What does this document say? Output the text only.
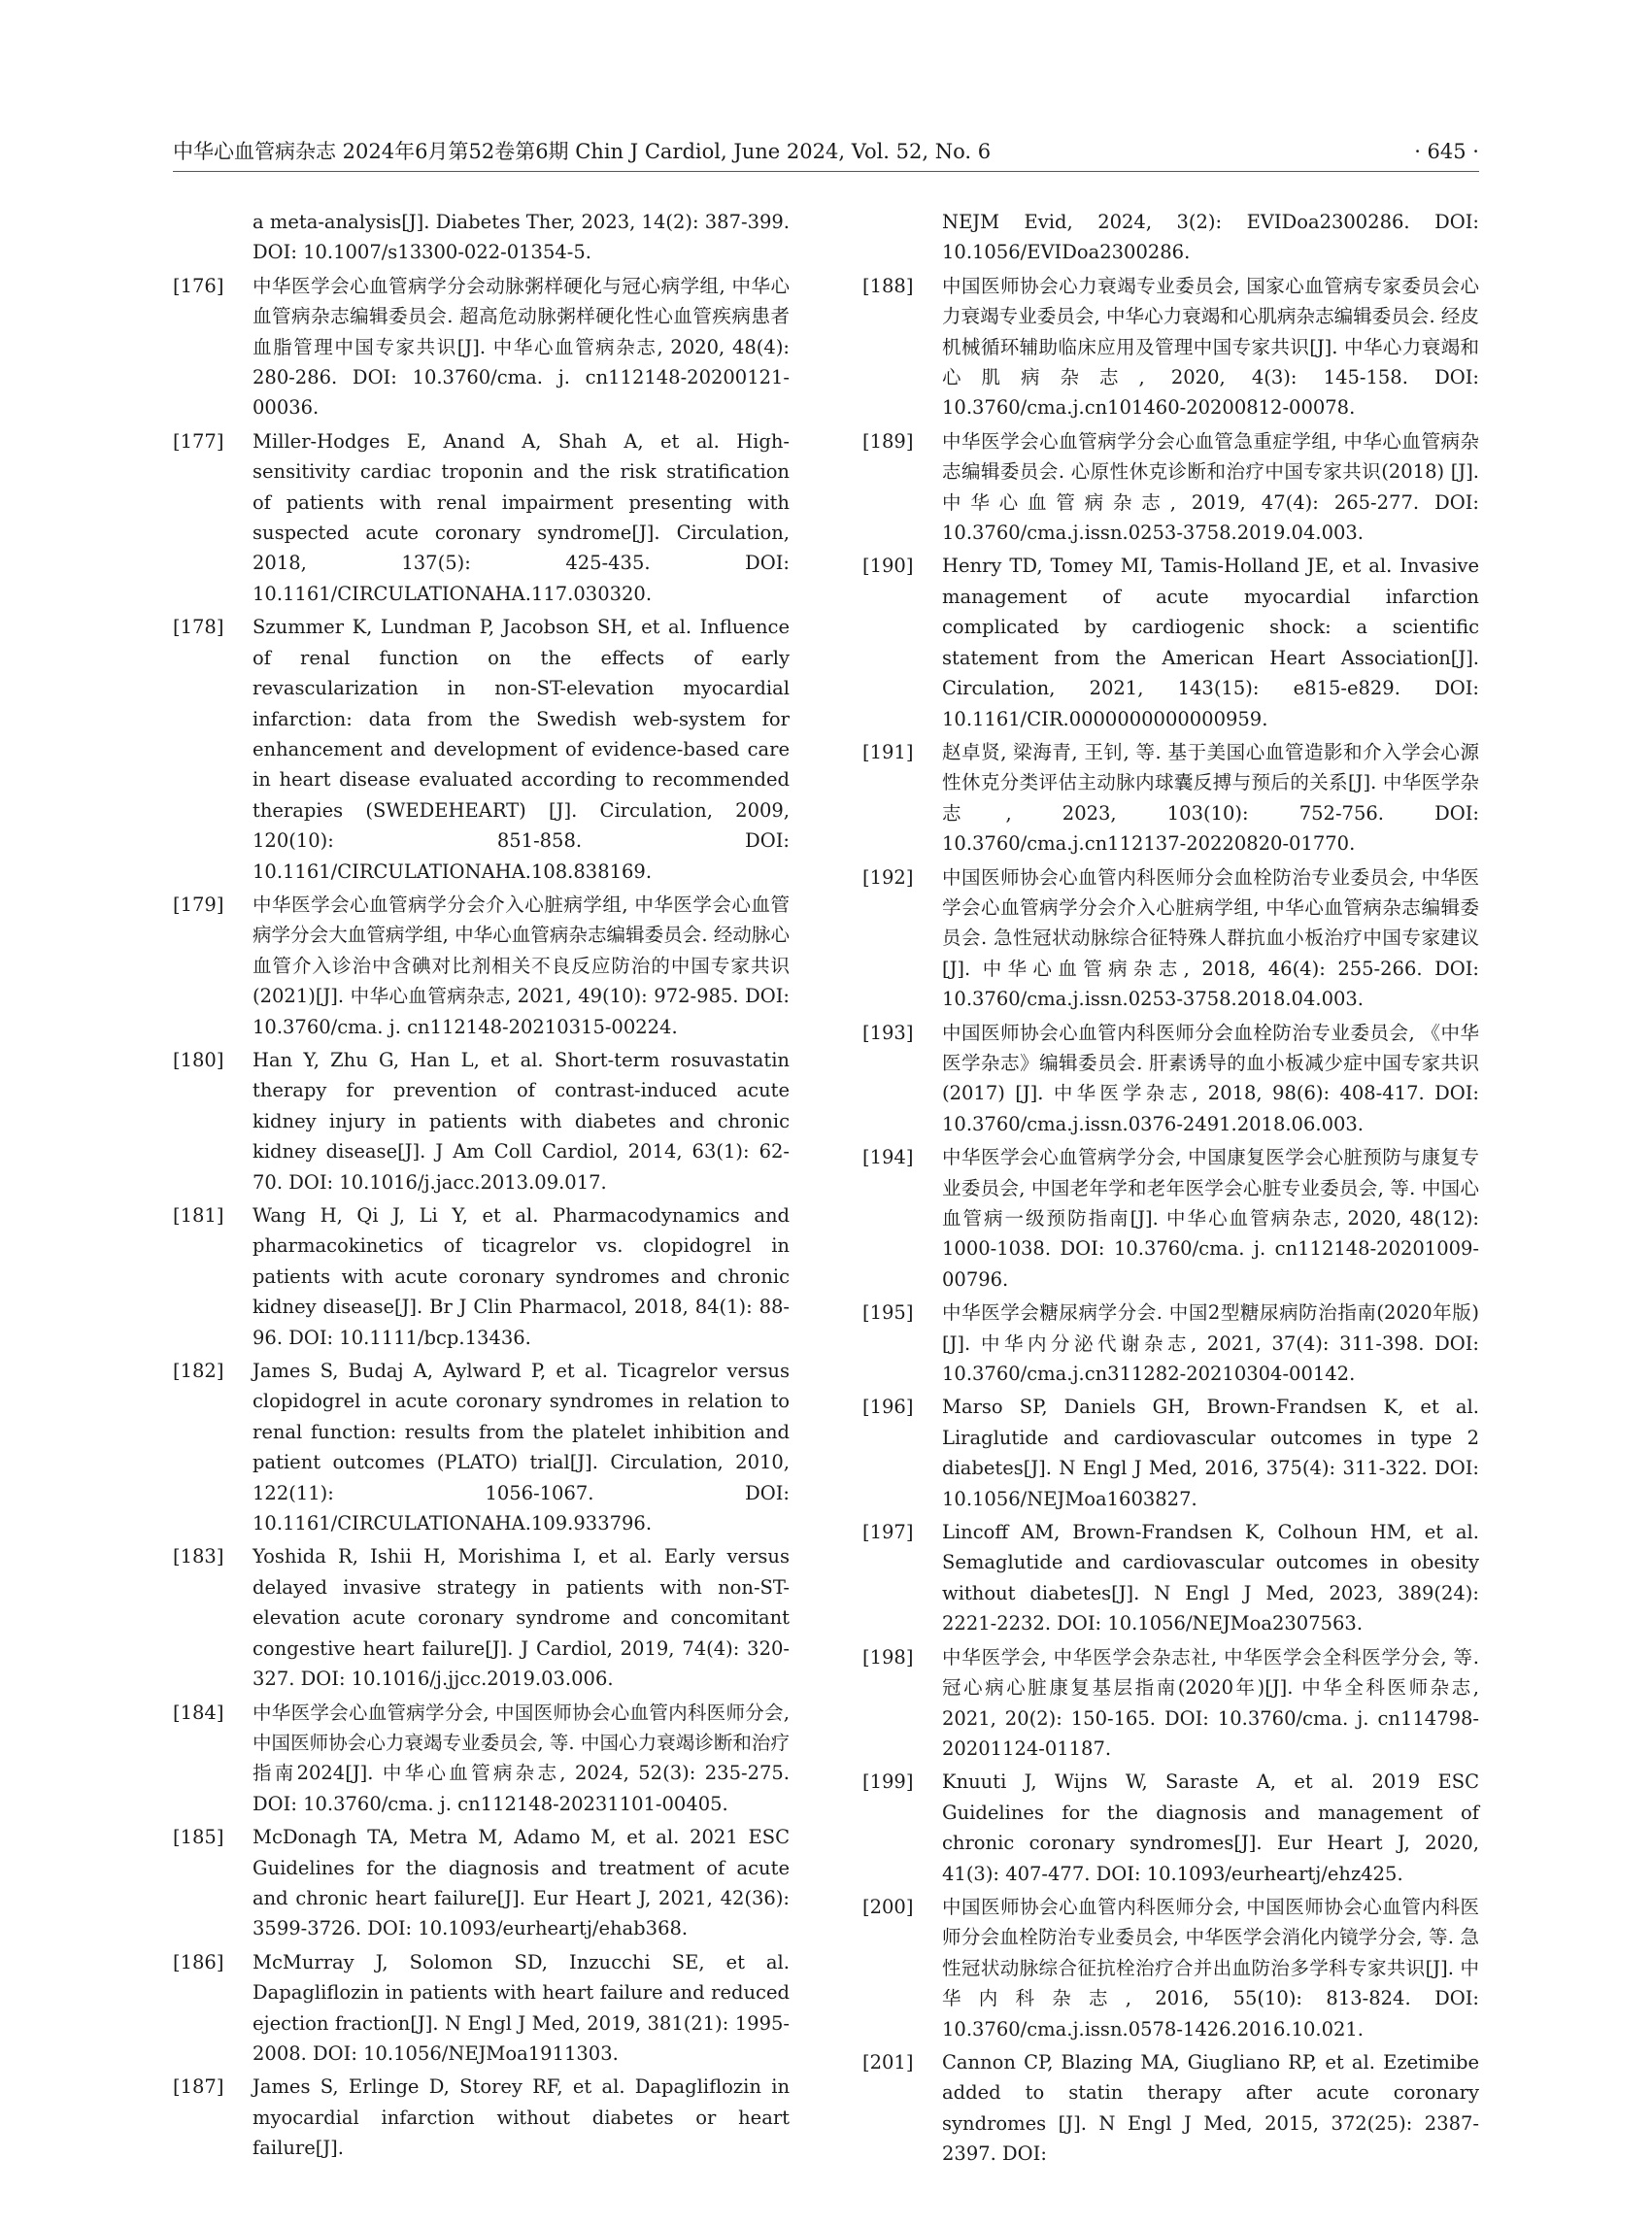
中华心血管病杂志 2024年6月第52卷第6期 Chin J Cardiol, June 2024, Vol. 52, No. 6	· 645 ·
a meta-analysis[J]. Diabetes Ther, 2023, 14(2): 387-399. DOI: 10.1007/s13300-022-01354-5.
[176] 中华医学会心血管病学分会动脉粥样硬化与冠心病学组, 中华心血管病杂志编辑委员会. 超高危动脉粥样硬化性心血管疾病患者血脂管理中国专家共识[J]. 中华心血管病杂志, 2020, 48(4): 280-286. DOI: 10.3760/cma. j. cn112148-20200121-00036.
[177] Miller-Hodges E, Anand A, Shah A, et al. High-sensitivity cardiac troponin and the risk stratification of patients with renal impairment presenting with suspected acute coronary syndrome[J]. Circulation, 2018, 137(5): 425-435. DOI: 10.1161/CIRCULATIONAHA.117.030320.
[178] Szummer K, Lundman P, Jacobson SH, et al. Influence of renal function on the effects of early revascularization in non-ST-elevation myocardial infarction: data from the Swedish web-system for enhancement and development of evidence-based care in heart disease evaluated according to recommended therapies (SWEDEHEART) [J]. Circulation, 2009, 120(10): 851-858. DOI: 10.1161/CIRCULATIONAHA.108.838169.
[179] 中华医学会心血管病学分会介入心脏病学组, 中华医学会心血管病学分会大血管病学组, 中华心血管病杂志编辑委员会. 经动脉心血管介入诊治中含碘对比剂相关不良反应防治的中国专家共识(2021)[J]. 中华心血管病杂志, 2021, 49(10): 972-985. DOI: 10.3760/cma. j. cn112148-20210315-00224.
[180] Han Y, Zhu G, Han L, et al. Short-term rosuvastatin therapy for prevention of contrast-induced acute kidney injury in patients with diabetes and chronic kidney disease[J]. J Am Coll Cardiol, 2014, 63(1): 62-70. DOI: 10.1016/j.jacc.2013.09.017.
[181] Wang H, Qi J, Li Y, et al. Pharmacodynamics and pharmacokinetics of ticagrelor vs. clopidogrel in patients with acute coronary syndromes and chronic kidney disease[J]. Br J Clin Pharmacol, 2018, 84(1): 88-96. DOI: 10.1111/bcp.13436.
[182] James S, Budaj A, Aylward P, et al. Ticagrelor versus clopidogrel in acute coronary syndromes in relation to renal function: results from the platelet inhibition and patient outcomes (PLATO) trial[J]. Circulation, 2010, 122(11): 1056-1067. DOI: 10.1161/CIRCULATIONAHA.109.933796.
[183] Yoshida R, Ishii H, Morishima I, et al. Early versus delayed invasive strategy in patients with non-ST-elevation acute coronary syndrome and concomitant congestive heart failure[J]. J Cardiol, 2019, 74(4): 320-327. DOI: 10.1016/j.jjcc.2019.03.006.
[184] 中华医学会心血管病学分会, 中国医师协会心血管内科医师分会, 中国医师协会心力衰竭专业委员会, 等. 中国心力衰竭诊断和治疗指南2024[J]. 中华心血管病杂志, 2024, 52(3): 235-275. DOI: 10.3760/cma. j. cn112148-20231101-00405.
[185] McDonagh TA, Metra M, Adamo M, et al. 2021 ESC Guidelines for the diagnosis and treatment of acute and chronic heart failure[J]. Eur Heart J, 2021, 42(36): 3599-3726. DOI: 10.1093/eurheartj/ehab368.
[186] McMurray J, Solomon SD, Inzucchi SE, et al. Dapagliflozin in patients with heart failure and reduced ejection fraction[J]. N Engl J Med, 2019, 381(21): 1995-2008. DOI: 10.1056/NEJMoa1911303.
[187] James S, Erlinge D, Storey RF, et al. Dapagliflozin in myocardial infarction without diabetes or heart failure[J].
NEJM Evid, 2024, 3(2): EVIDoa2300286. DOI: 10.1056/EVIDoa2300286.
[188] 中国医师协会心力衰竭专业委员会, 国家心血管病专家委员会心力衰竭专业委员会, 中华心力衰竭和心肌病杂志编辑委员会. 经皮机械循环辅助临床应用及管理中国专家共识[J]. 中华心力衰竭和心肌病杂志, 2020, 4(3): 145-158. DOI: 10.3760/cma.j.cn101460-20200812-00078.
[189] 中华医学会心血管病学分会心血管急重症学组, 中华心血管病杂志编辑委员会. 心原性休克诊断和治疗中国专家共识(2018) [J]. 中华心血管病杂志, 2019, 47(4): 265-277. DOI: 10.3760/cma.j.issn.0253-3758.2019.04.003.
[190] Henry TD, Tomey MI, Tamis-Holland JE, et al. Invasive management of acute myocardial infarction complicated by cardiogenic shock: a scientific statement from the American Heart Association[J]. Circulation, 2021, 143(15): e815-e829. DOI: 10.1161/CIR.0000000000000959.
[191] 赵卓贤, 梁海青, 王钊, 等. 基于美国心血管造影和介入学会心源性休克分类评估主动脉内球囊反搏与预后的关系[J]. 中华医学杂志, 2023, 103(10): 752-756. DOI: 10.3760/cma.j.cn112137-20220820-01770.
[192] 中国医师协会心血管内科医师分会血栓防治专业委员会, 中华医学会心血管病学分会介入心脏病学组, 中华心血管病杂志编辑委员会. 急性冠状动脉综合征特殊人群抗血小板治疗中国专家建议[J]. 中华心血管病杂志, 2018, 46(4): 255-266. DOI: 10.3760/cma.j.issn.0253-3758.2018.04.003.
[193] 中国医师协会心血管内科医师分会血栓防治专业委员会, 《中华医学杂志》编辑委员会. 肝素诱导的血小板减少症中国专家共识(2017) [J]. 中华医学杂志, 2018, 98(6): 408-417. DOI: 10.3760/cma.j.issn.0376-2491.2018.06.003.
[194] 中华医学会心血管病学分会, 中国康复医学会心脏预防与康复专业委员会, 中国老年学和老年医学会心脏专业委员会, 等. 中国心血管病一级预防指南[J]. 中华心血管病杂志, 2020, 48(12): 1000-1038. DOI: 10.3760/cma. j. cn112148-20201009-00796.
[195] 中华医学会糖尿病学分会. 中国2型糖尿病防治指南(2020年版)[J]. 中华内分泌代谢杂志, 2021, 37(4): 311-398. DOI: 10.3760/cma.j.cn311282-20210304-00142.
[196] Marso SP, Daniels GH, Brown-Frandsen K, et al. Liraglutide and cardiovascular outcomes in type 2 diabetes[J]. N Engl J Med, 2016, 375(4): 311-322. DOI: 10.1056/NEJMoa1603827.
[197] Lincoff AM, Brown-Frandsen K, Colhoun HM, et al. Semaglutide and cardiovascular outcomes in obesity without diabetes[J]. N Engl J Med, 2023, 389(24): 2221-2232. DOI: 10.1056/NEJMoa2307563.
[198] 中华医学会, 中华医学会杂志社, 中华医学会全科医学分会, 等. 冠心病心脏康复基层指南(2020年)[J]. 中华全科医师杂志, 2021, 20(2): 150-165. DOI: 10.3760/cma. j. cn114798-20201124-01187.
[199] Knuuti J, Wijns W, Saraste A, et al. 2019 ESC Guidelines for the diagnosis and management of chronic coronary syndromes[J]. Eur Heart J, 2020, 41(3): 407-477. DOI: 10.1093/eurheartj/ehz425.
[200] 中国医师协会心血管内科医师分会, 中国医师协会心血管内科医师分会血栓防治专业委员会, 中华医学会消化内镜学分会, 等. 急性冠状动脉综合征抗栓治疗合并出血防治多学科专家共识[J]. 中华内科杂志, 2016, 55(10): 813-824. DOI: 10.3760/cma.j.issn.0578-1426.2016.10.021.
[201] Cannon CP, Blazing MA, Giugliano RP, et al. Ezetimibe added to statin therapy after acute coronary syndromes [J]. N Engl J Med, 2015, 372(25): 2387-2397. DOI:
